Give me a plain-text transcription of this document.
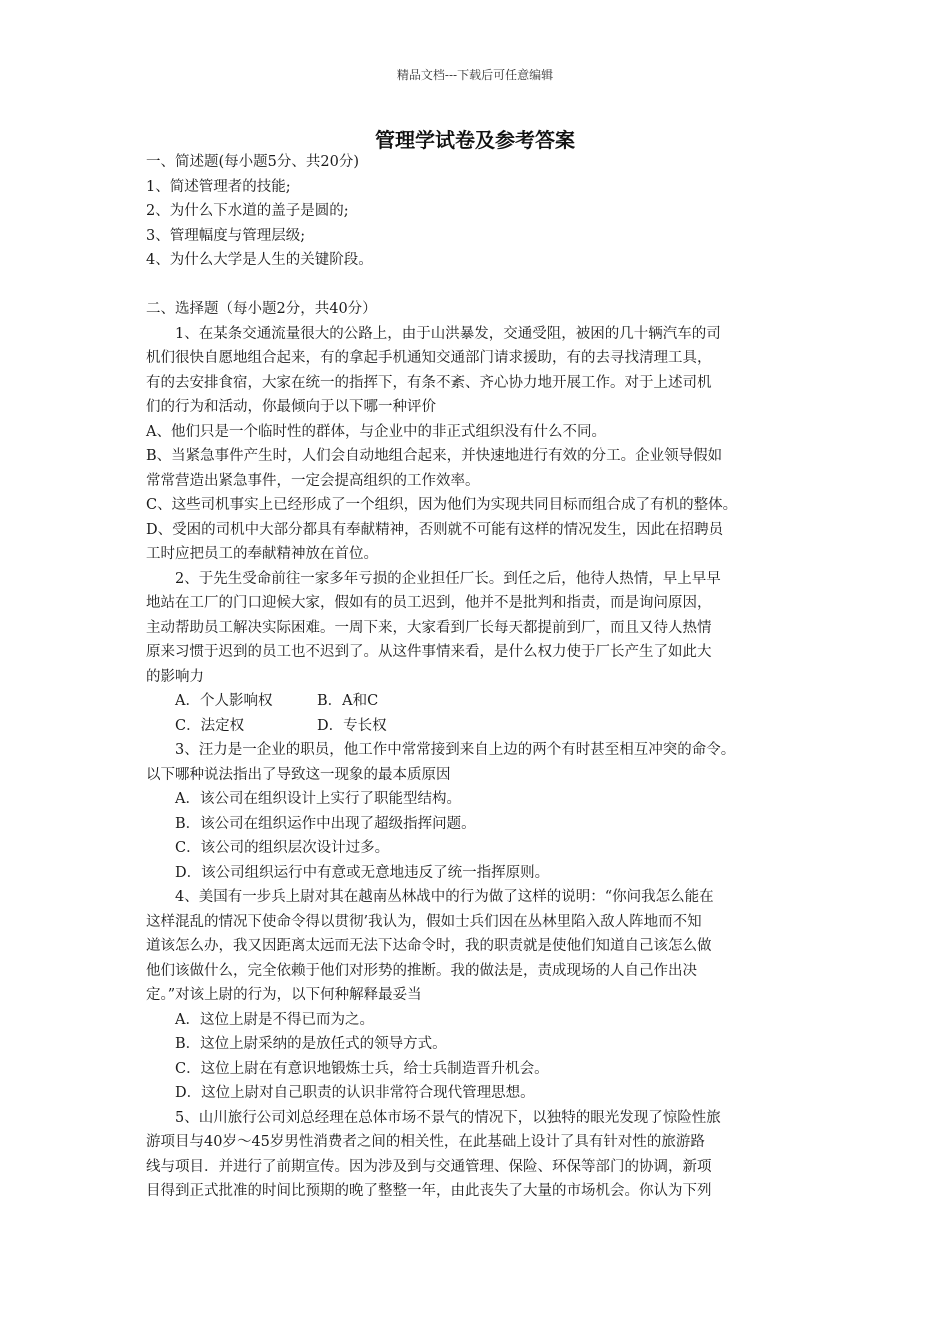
精品文档---下载后可任意编辑
管理学试卷及参考答案
一、简述题(每小题5分、共20分)
1、简述管理者的技能;
2、为什么下水道的盖子是圆的;
3、管理幅度与管理层级;
4、为什么大学是人生的关键阶段。
二、选择题（每小题2分，共40分）
1、在某条交通流量很大的公路上，由于山洪暴发，交通受阻，被困的几十辆汽车的司
机们很快自愿地组合起来，有的拿起手机通知交通部门请求援助，有的去寻找清理工具，
有的去安排食宿，大家在统一的指挥下，有条不紊、齐心协力地开展工作。对于上述司机
们的行为和活动，你最倾向于以下哪一种评价
A、他们只是一个临时性的群体，与企业中的非正式组织没有什么不同。
B、当紧急事件产生时，人们会自动地组合起来，并快速地进行有效的分工。企业领导假如
常常营造出紧急事件，一定会提高组织的工作效率。
C、这些司机事实上已经形成了一个组织，因为他们为实现共同目标而组合成了有机的整体。
D、受困的司机中大部分都具有奉献精神，否则就不可能有这样的情况发生，因此在招聘员
工时应把员工的奉献精神放在首位。
2、于先生受命前往一家多年亏损的企业担任厂长。到任之后，他待人热情，早上早早
地站在工厂的门口迎候大家，假如有的员工迟到，他并不是批判和指责，而是询问原因，
主动帮助员工解决实际困难。一周下来，大家看到厂长每天都提前到厂，而且又待人热情
原来习惯于迟到的员工也不迟到了。从这件事情来看，是什么权力使于厂长产生了如此大
的影响力
A．个人影响权	B．A和C
C．法定权	D．专长权
3、汪力是一企业的职员，他工作中常常接到来自上边的两个有时甚至相互冲突的命令。
以下哪种说法指出了导致这一现象的最本质原因
A．该公司在组织设计上实行了职能型结构。
B．该公司在组织运作中出现了超级指挥问题。
C．该公司的组织层次设计过多。
D．该公司组织运行中有意或无意地违反了统一指挥原则。
4、美国有一步兵上尉对其在越南丛林战中的行为做了这样的说明：“你问我怎么能在
这样混乱的情况下使命令得以贯彻’我认为，假如士兵们因在丛林里陷入敌人阵地而不知
道该怎么办，我又因距离太远而无法下达命令时，我的职责就是使他们知道自己该怎么做
他们该做什么，完全依赖于他们对形势的推断。我的做法是，责成现场的人自己作出决
定。”对该上尉的行为，以下何种解释最妥当
A．这位上尉是不得已而为之。
B．这位上尉采纳的是放任式的领导方式。
C．这位上尉在有意识地锻炼士兵，给士兵制造晋升机会。
D．这位上尉对自己职责的认识非常符合现代管理思想。
5、山川旅行公司刘总经理在总体市场不景气的情况下，以独特的眼光发现了惊险性旅
游项目与40岁～45岁男性消费者之间的相关性，在此基础上设计了具有针对性的旅游路
线与项目．并进行了前期宣传。因为涉及到与交通管理、保险、环保等部门的协调，新项
目得到正式批准的时间比预期的晚了整整一年，由此丧失了大量的市场机会。你认为下列
